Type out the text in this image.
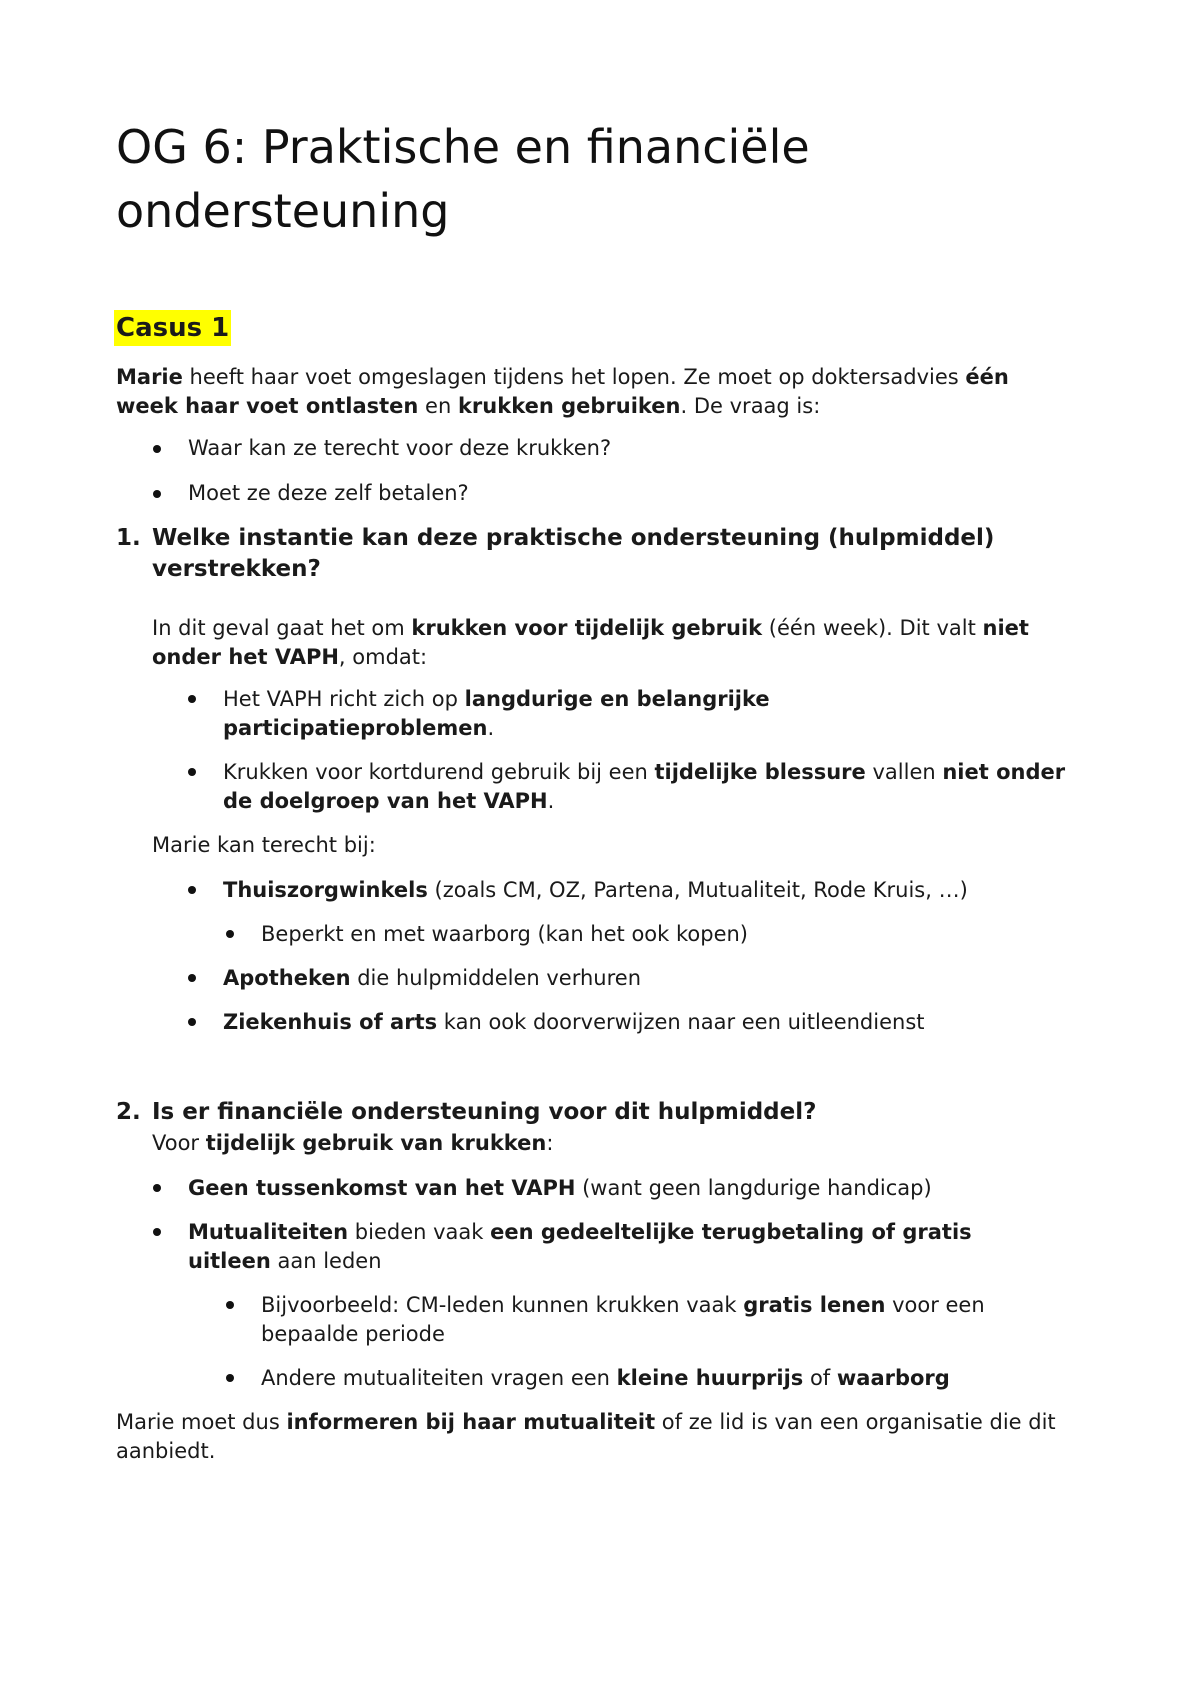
OG 6: Praktische en financiële ondersteuning
Casus 1

Marie heeft haar voet omgeslagen tijdens het lopen. Ze moet op doktersadvies één week haar voet ontlasten en krukken gebruiken. De vraag is:

Waar kan ze terecht voor deze krukken?

Moet ze deze zelf betalen?

1. Welke instantie kan deze praktische ondersteuning (hulpmiddel) verstrekken?

In dit geval gaat het om krukken voor tijdelijk gebruik (één week). Dit valt niet onder het VAPH, omdat:

Het VAPH richt zich op langdurige en belangrijke participatieproblemen.

Krukken voor kortdurend gebruik bij een tijdelijke blessure vallen niet onder de doelgroep van het VAPH.

Marie kan terecht bij:

Thuiszorgwinkels (zoals CM, OZ, Partena, Mutualiteit, Rode Kruis, …)

Beperkt en met waarborg (kan het ook kopen)

Apotheken die hulpmiddelen verhuren

Ziekenhuis of arts kan ook doorverwijzen naar een uitleendienst

2. Is er financiële ondersteuning voor dit hulpmiddel?

Voor tijdelijk gebruik van krukken:

Geen tussenkomst van het VAPH (want geen langdurige handicap)

Mutualiteiten bieden vaak een gedeeltelijke terugbetaling of gratis uitleen aan leden

Bijvoorbeeld: CM-leden kunnen krukken vaak gratis lenen voor een bepaalde periode

Andere mutualiteiten vragen een kleine huurprijs of waarborg

Marie moet dus informeren bij haar mutualiteit of ze lid is van een organisatie die dit aanbiedt.
